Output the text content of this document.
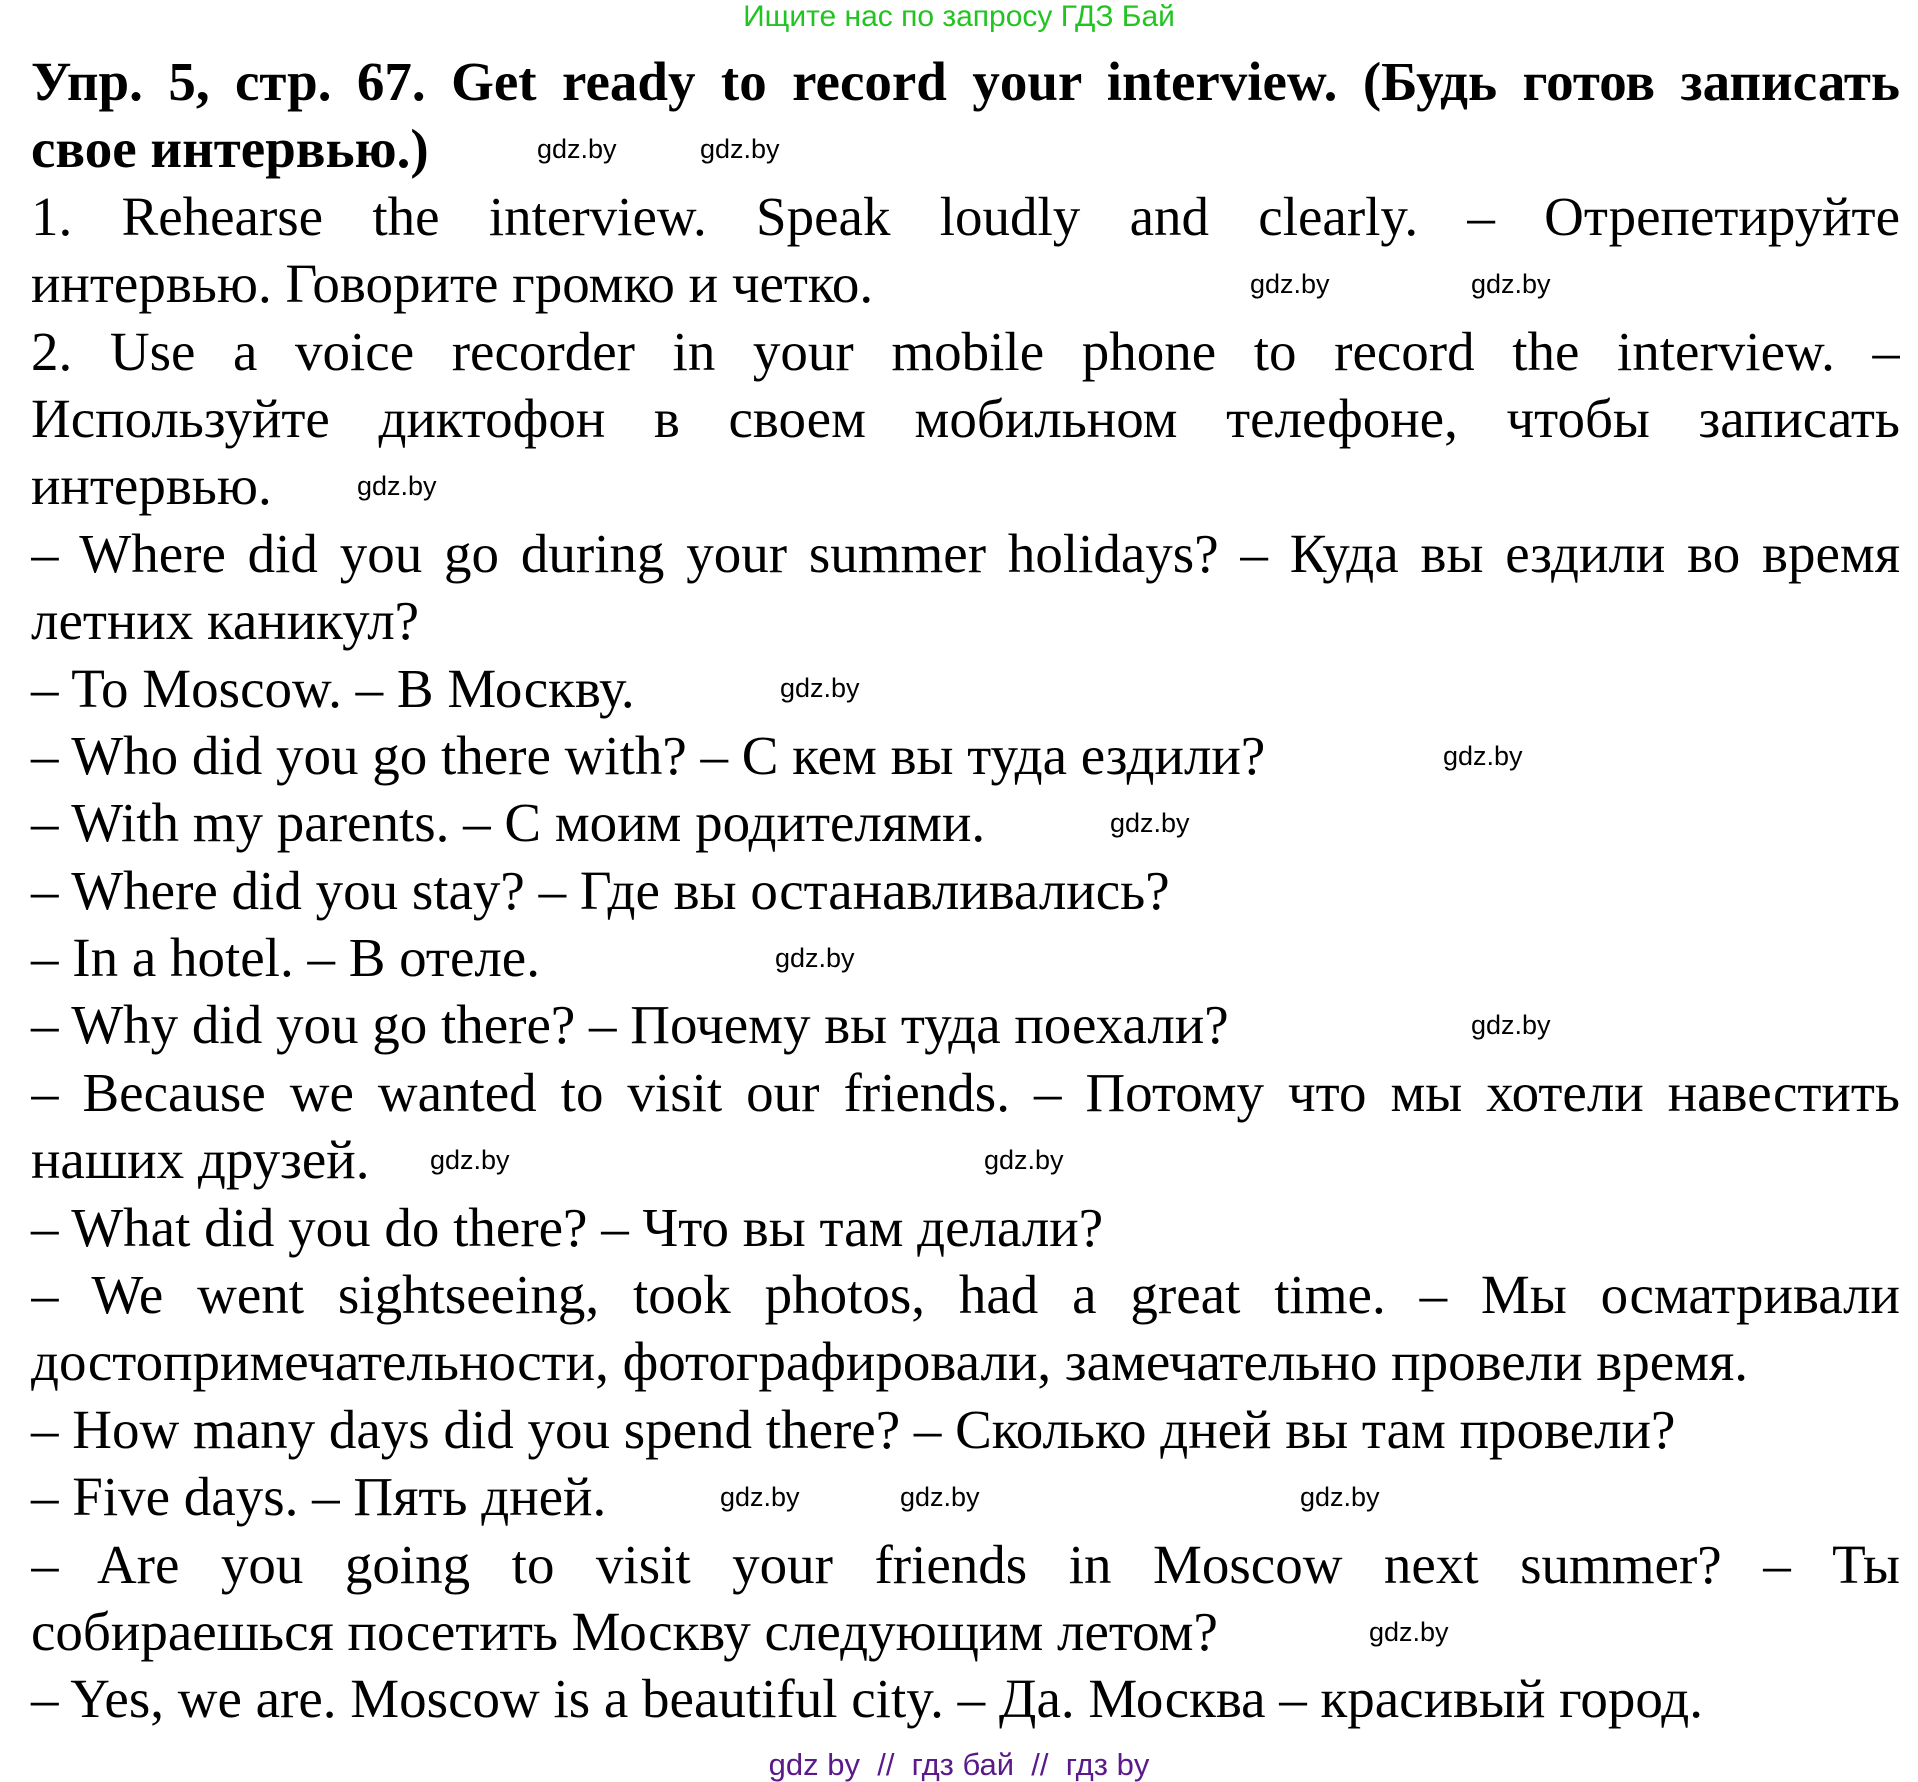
Ищите нас по запросу ГДЗ Бай
Упр. 5, стр. 67. Get ready to record your interview. (Будь готов записать
свое интервью.)
1. Rehearse the interview. Speak loudly and clearly. – Отрепетируйте
интервью. Говорите громко и четко.
2. Use a voice recorder in your mobile phone to record the interview. –
Используйте диктофон в своем мобильном телефоне, чтобы записать
интервью.
– Where did you go during your summer holidays? – Куда вы ездили во время
летних каникул?
– To Moscow. – В Москву.
– Who did you go there with? – С кем вы туда ездили?
– With my parents. – С моим родителями.
– Where did you stay? – Где вы останавливались?
– In a hotel. – В отеле.
– Why did you go there? – Почему вы туда поехали?
– Because we wanted to visit our friends. – Потому что мы хотели навестить
наших друзей.
– What did you do there? – Что вы там делали?
– We went sightseeing, took photos, had a great time. – Мы осматривали
достопримечательности, фотографировали, замечательно провели время.
– How many days did you spend there? – Сколько дней вы там провели?
– Five days. – Пять дней.
– Are you going to visit your friends in Moscow next summer? – Ты
собираешься посетить Москву следующим летом?
– Yes, we are. Moscow is a beautiful city. – Да. Москва – красивый город.
gdz.by	gdz.by
gdz.by
gdz.by
gdz.by
gdz.by
gdz.by
gdz.by
gdz.by
gdz.by
gdz.by	gdz.by
gdz.by
gdz.by	gdz.by
gdz.by
gdz by  //  гдз бай  //  гдз by
